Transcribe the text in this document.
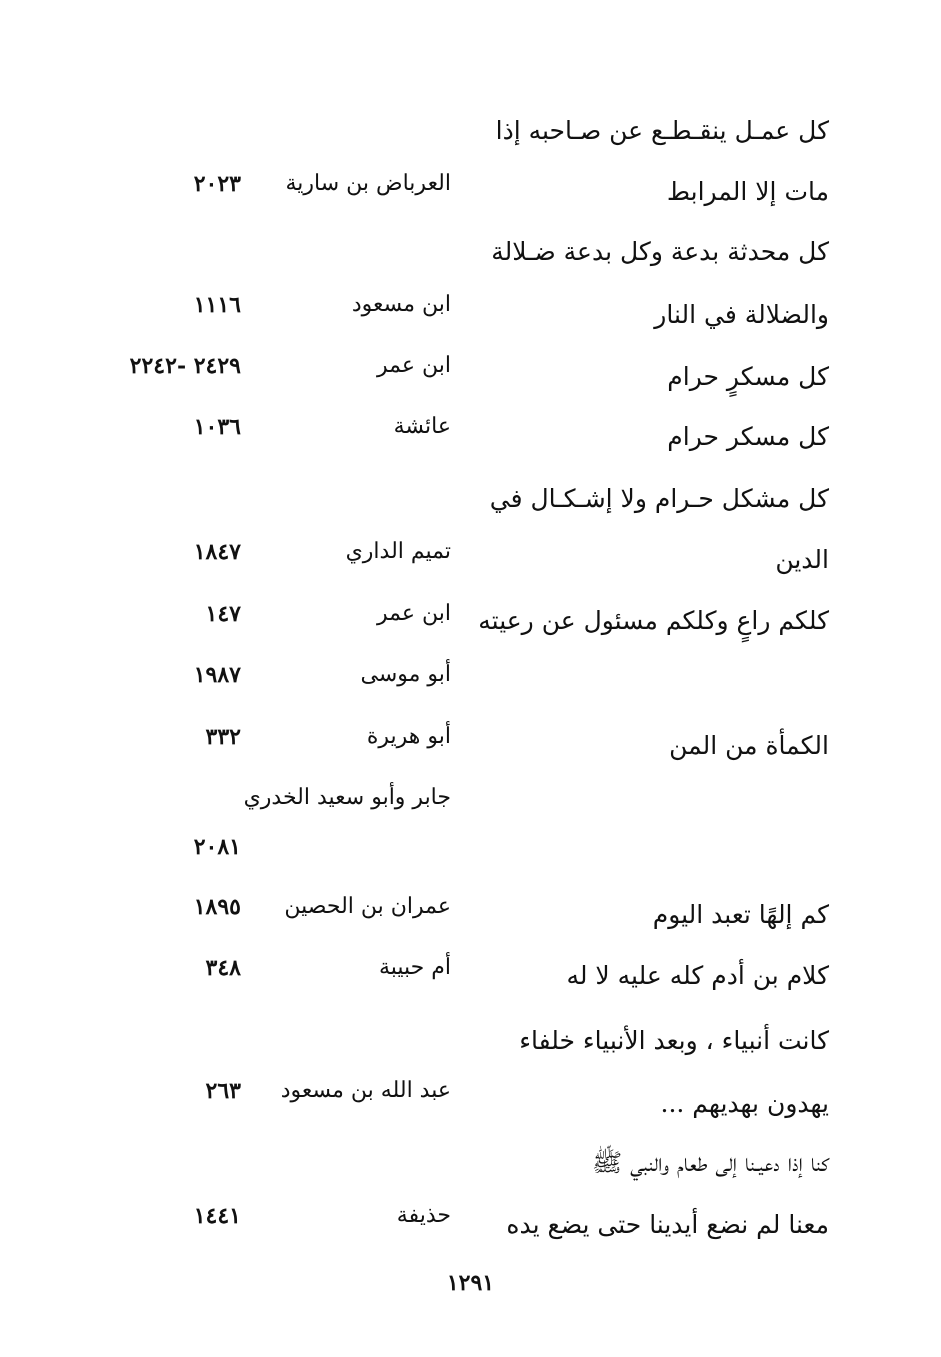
كل عمـل ينقـطـع عن صـاحبه إذا
مات إلا المرابط
كل محدثة بدعة وكل بدعة ضـلالة
والضلالة في النار
كل مسكرٍ حرام
كل مسكر حرام
كل مشكل حـرام ولا إشـكـال في
الدين
كلكم راعٍ وكلكم مسئول عن رعيته
الكمأة من المن
كم إلهًا تعبد اليوم
كلام بن أدم كله عليه لا له
كانت أنبياء ، وبعد الأنبياء خلفاء
يهدون بهديهم ...
كنا إذا دعيـنا إلى طعام والنبي ﷺ
معنا لم نضع أيدينا حتى يضع يده
العرباض بن سارية
ابن مسعود
ابن عمر
عائشة
تميم الداري
ابن عمر
أبو موسى
أبو هريرة
جابر وأبو سعيد الخدري
عمران بن الحصين
أم حبيبة
عبد الله بن مسعود
حذيفة
٢٠٢٣
١١١٦
٢٤٢٩ -٢٢٤٢
١٠٣٦
١٨٤٧
١٤٧
١٩٨٧
٣٣٢
٢٠٨١
١٨٩٥
٣٤٨
٢٦٣
١٤٤١
١٢٩١
